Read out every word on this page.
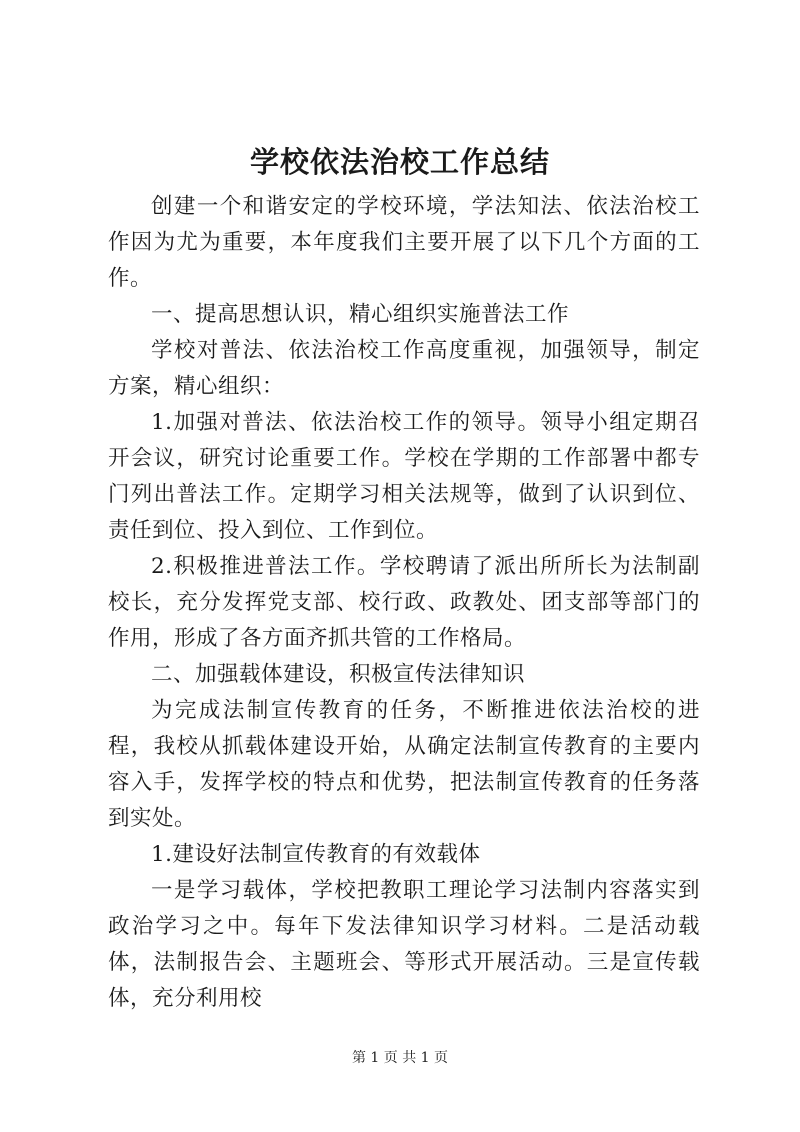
学校依法治校工作总结

创建一个和谐安定的学校环境，学法知法、依法治校工作因为尤为重要，本年度我们主要开展了以下几个方面的工作。

一、提高思想认识，精心组织实施普法工作

学校对普法、依法治校工作高度重视，加强领导，制定方案，精心组织：

1.加强对普法、依法治校工作的领导。领导小组定期召开会议，研究讨论重要工作。学校在学期的工作部署中都专门列出普法工作。定期学习相关法规等，做到了认识到位、责任到位、投入到位、工作到位。

2.积极推进普法工作。学校聘请了派出所所长为法制副校长，充分发挥党支部、校行政、政教处、团支部等部门的作用，形成了各方面齐抓共管的工作格局。

二、加强载体建设，积极宣传法律知识

为完成法制宣传教育的任务，不断推进依法治校的进程，我校从抓载体建设开始，从确定法制宣传教育的主要内容入手，发挥学校的特点和优势，把法制宣传教育的任务落到实处。

1.建设好法制宣传教育的有效载体

一是学习载体，学校把教职工理论学习法制内容落实到政治学习之中。每年下发法律知识学习材料。二是活动载体，法制报告会、主题班会、等形式开展活动。三是宣传载体，充分利用校

第 1 页 共 1 页
